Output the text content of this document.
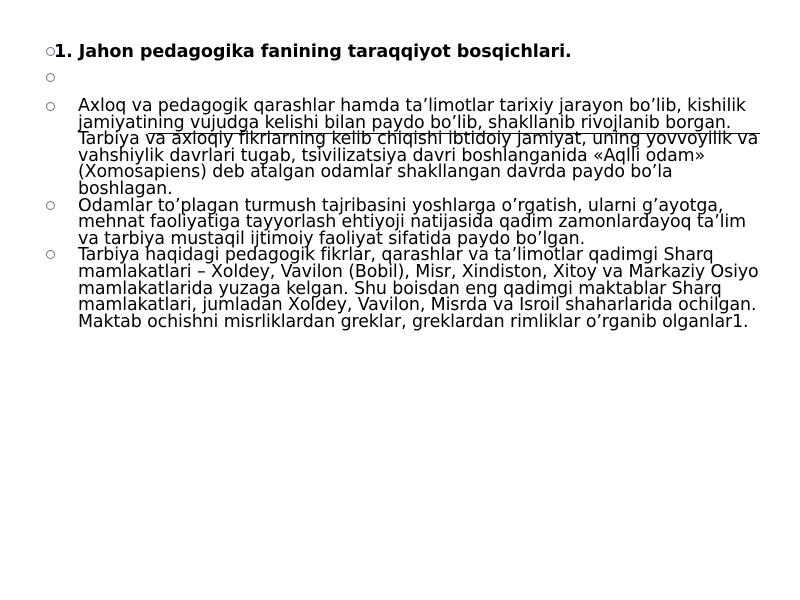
1. Jahon pedagogika fanining taraqqiyot bosqichlari.
Axloq va pedagogik qarashlar hamda ta’limotlar tarixiy jarayon bo’lib, kishilik jamiyatining vujudga kelishi bilan paydo bo’lib, shakllanib rivojlanib borgan. Tarbiya va axloqiy fikrlarning kelib chiqishi ibtidoiy jamiyat, uning yovvoyilik va vahshiylik davrlari tugab, tsivilizatsiya davri boshlanganida «Aqlli odam» (Xomosapiens) deb atalgan odamlar shakllangan davrda paydo bo’la boshlagan.
Odamlar to’plagan turmush tajribasini yoshlarga o’rgatish, ularni g’ayotga, mehnat faoliyatiga tayyorlash ehtiyoji natijasida qadim zamonlardayoq ta’lim va tarbiya mustaqil ijtimoiy faoliyat sifatida paydo bo’lgan.
Tarbiya haqidagi pedagogik fikrlar, qarashlar va ta’limotlar qadimgi Sharq mamlakatlari – Xoldey, Vavilon (Bobil), Misr, Xindiston, Xitoy va Markaziy Osiyo mamlakatlarida yuzaga kelgan. Shu boisdan eng qadimgi maktablar Sharq mamlakatlari, jumladan Xoldey, Vavilon, Misrda va Isroil shaharlarida ochilgan. Maktab ochishni misrliklardan greklar, greklardan rimliklar o’rganib olganlar1.
